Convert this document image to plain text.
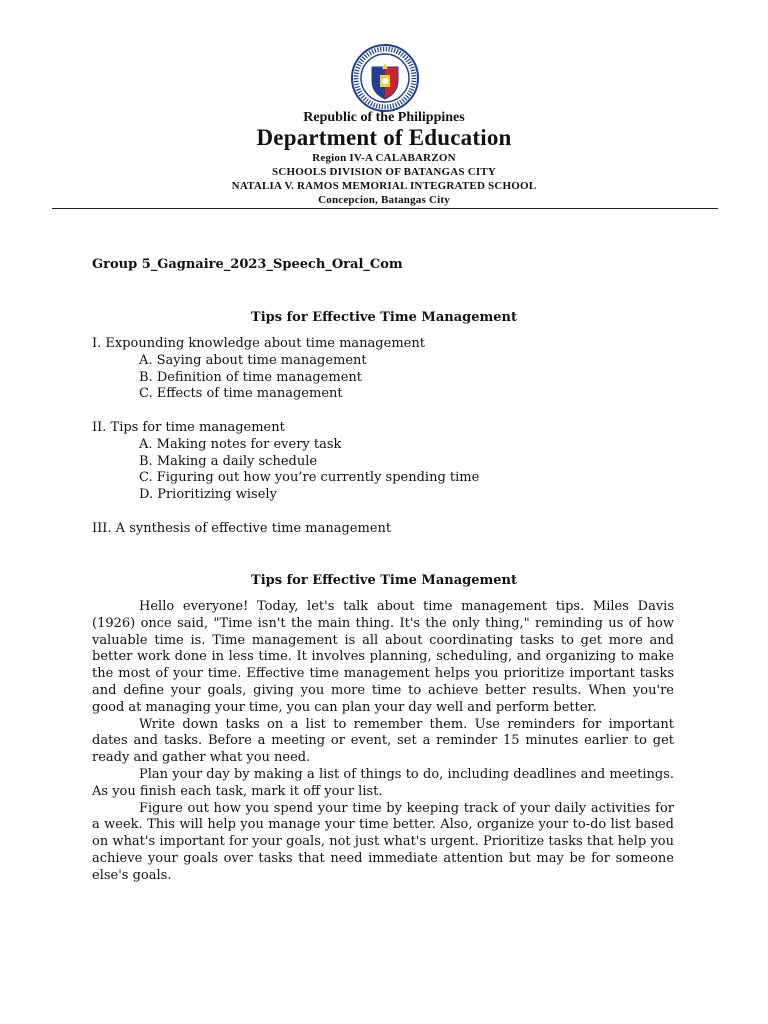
Republic of the Philippines
Department of Education
Region IV-A CALABARZON
SCHOOLS DIVISION OF BATANGAS CITY
NATALIA V. RAMOS MEMORIAL INTEGRATED SCHOOL
Concepcion, Batangas City
Group 5_Gagnaire_2023_Speech_Oral_Com
Tips for Effective Time Management
I. Expounding knowledge about time management
A. Saying about time management
B. Definition of time management
C. Effects of time management
II. Tips for time management
A. Making notes for every task
B. Making a daily schedule
C. Figuring out how you’re currently spending time
D. Prioritizing wisely
III. A synthesis of effective time management
Tips for Effective Time Management

Hello everyone! Today, let's talk about time management tips. Miles Davis (1926) once said, "Time isn't the main thing. It's the only thing," reminding us of how valuable time is. Time management is all about coordinating tasks to get more and better work done in less time. It involves planning, scheduling, and organizing to make the most of your time. Effective time management helps you prioritize important tasks and define your goals, giving you more time to achieve better results. When you're good at managing your time, you can plan your day well and perform better.

Write down tasks on a list to remember them. Use reminders for important dates and tasks. Before a meeting or event, set a reminder 15 minutes earlier to get ready and gather what you need.

Plan your day by making a list of things to do, including deadlines and meetings. As you finish each task, mark it off your list.

Figure out how you spend your time by keeping track of your daily activities for a week. This will help you manage your time better. Also, organize your to-do list based on what's important for your goals, not just what's urgent. Prioritize tasks that help you achieve your goals over tasks that need immediate attention but may be for someone else's goals.
